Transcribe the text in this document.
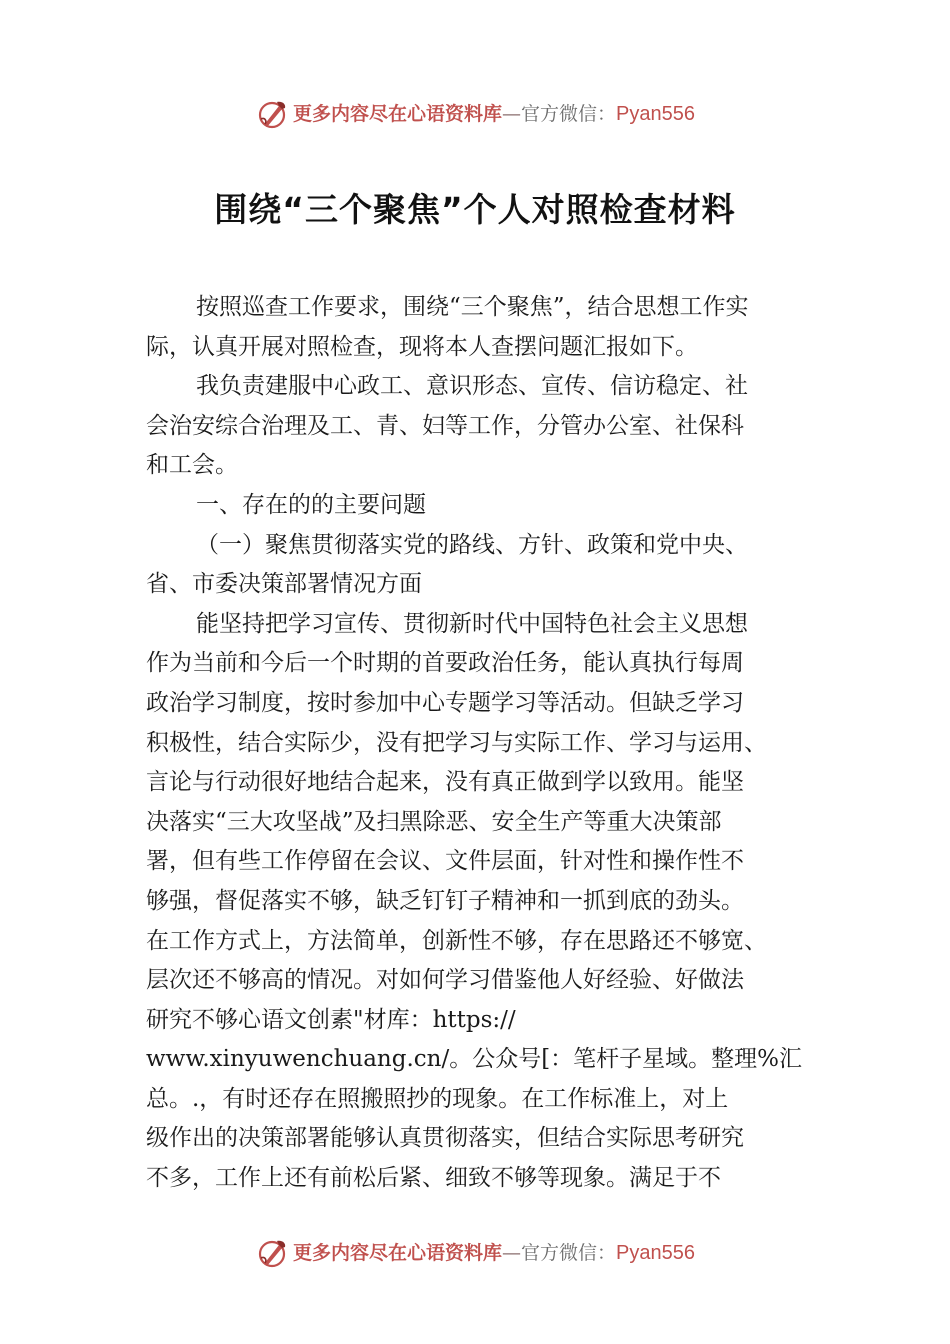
更多内容尽在心语资料库 — 官方微信： Pyan556
围绕“三个聚焦”个人对照检查材料
按照巡查工作要求，围绕“三个聚焦”，结合思想工作实
际，认真开展对照检查，现将本人查摆问题汇报如下。
我负责建服中心政工、意识形态、宣传、信访稳定、社
会治安综合治理及工、青、妇等工作，分管办公室、社保科
和工会。
一、存在的的主要问题
（一）聚焦贯彻落实党的路线、方针、政策和党中央、
省、市委决策部署情况方面
能坚持把学习宣传、贯彻新时代中国特色社会主义思想
作为当前和今后一个时期的首要政治任务，能认真执行每周
政治学习制度，按时参加中心专题学习等活动。但缺乏学习
积极性，结合实际少，没有把学习与实际工作、学习与运用、
言论与行动很好地结合起来，没有真正做到学以致用。能坚
决落实“三大攻坚战”及扫黑除恶、安全生产等重大决策部
署，但有些工作停留在会议、文件层面，针对性和操作性不
够强，督促落实不够，缺乏钉钉子精神和一抓到底的劲头。
在工作方式上，方法简单，创新性不够，存在思路还不够宽、
层次还不够高的情况。对如何学习借鉴他人好经验、好做法
研究不够心语文创素"材库：https://
www.xinyuwenchuang.cn/。公众号[：笔杆子星域。整理%汇
总。.，有时还存在照搬照抄的现象。在工作标准上，对上
级作出的决策部署能够认真贯彻落实，但结合实际思考研究
不多，工作上还有前松后紧、细致不够等现象。满足于不
更多内容尽在心语资料库 — 官方微信： Pyan556
